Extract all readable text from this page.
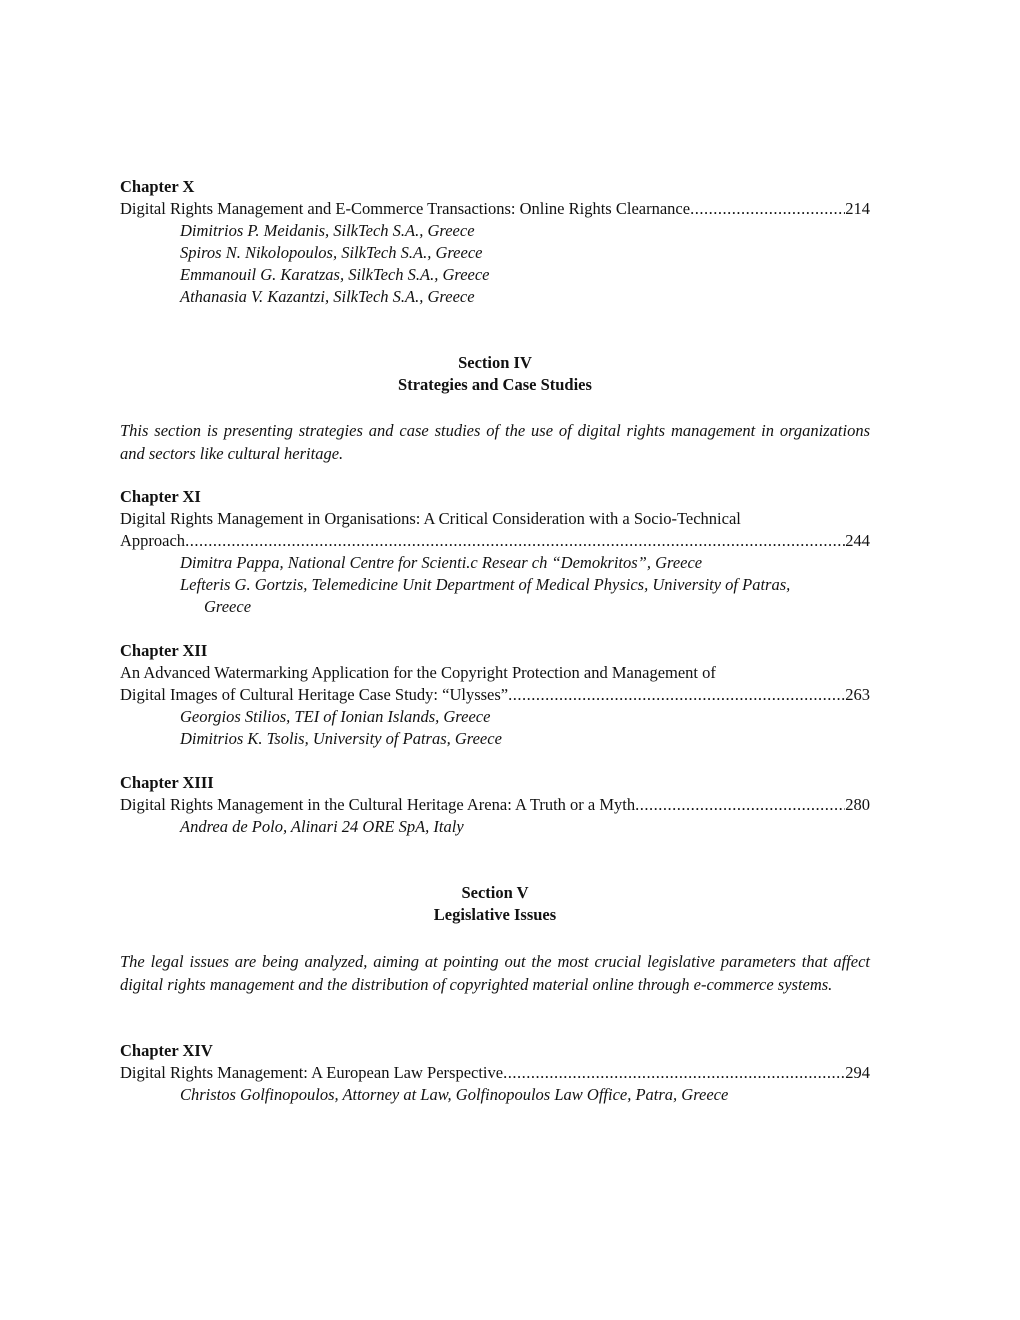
Chapter X
Digital Rights Management and E-Commerce Transactions: Online Rights Clearnance .....	214
Dimitrios P. Meidanis, SilkTech S.A., Greece
Spiros N. Nikolopoulos, SilkTech S.A., Greece
Emmanouil G. Karatzas, SilkTech S.A., Greece
Athanasia V. Kazantzi, SilkTech S.A., Greece
Section IV
Strategies and Case Studies
This section is presenting strategies and case studies of the use of digital rights management in organizations and sectors like cultural heritage.
Chapter XI
Digital Rights Management in Organisations: A Critical Consideration with a Socio-Technical
Approach .....	244
Dimitra Pappa, National Centre for Scienti.c Resear ch “Demokritos”, Greece
Lefteris G. Gortzis, Telemedicine Unit Department of Medical Physics, University of Patras,
Greece
Chapter XII
An Advanced Watermarking Application for the Copyright Protection and Management of
Digital Images of Cultural Heritage Case Study: “Ulysses” .....	263
Georgios Stilios, TEI of Ionian Islands, Greece
Dimitrios K. Tsolis, University of Patras, Greece
Chapter XIII
Digital Rights Management in the Cultural Heritage Arena: A Truth or a Myth .....	280
Andrea de Polo, Alinari 24 ORE SpA, Italy
Section V
Legislative Issues
The legal issues are being analyzed, aiming at pointing out the most crucial legislative parameters that affect digital rights management and the distribution of copyrighted material online through e-commerce systems.
Chapter XIV
Digital Rights Management: A European Law Perspective .....	294
Christos Golfinopoulos, Attorney at Law, Golfinopoulos Law Office, Patra, Greece
